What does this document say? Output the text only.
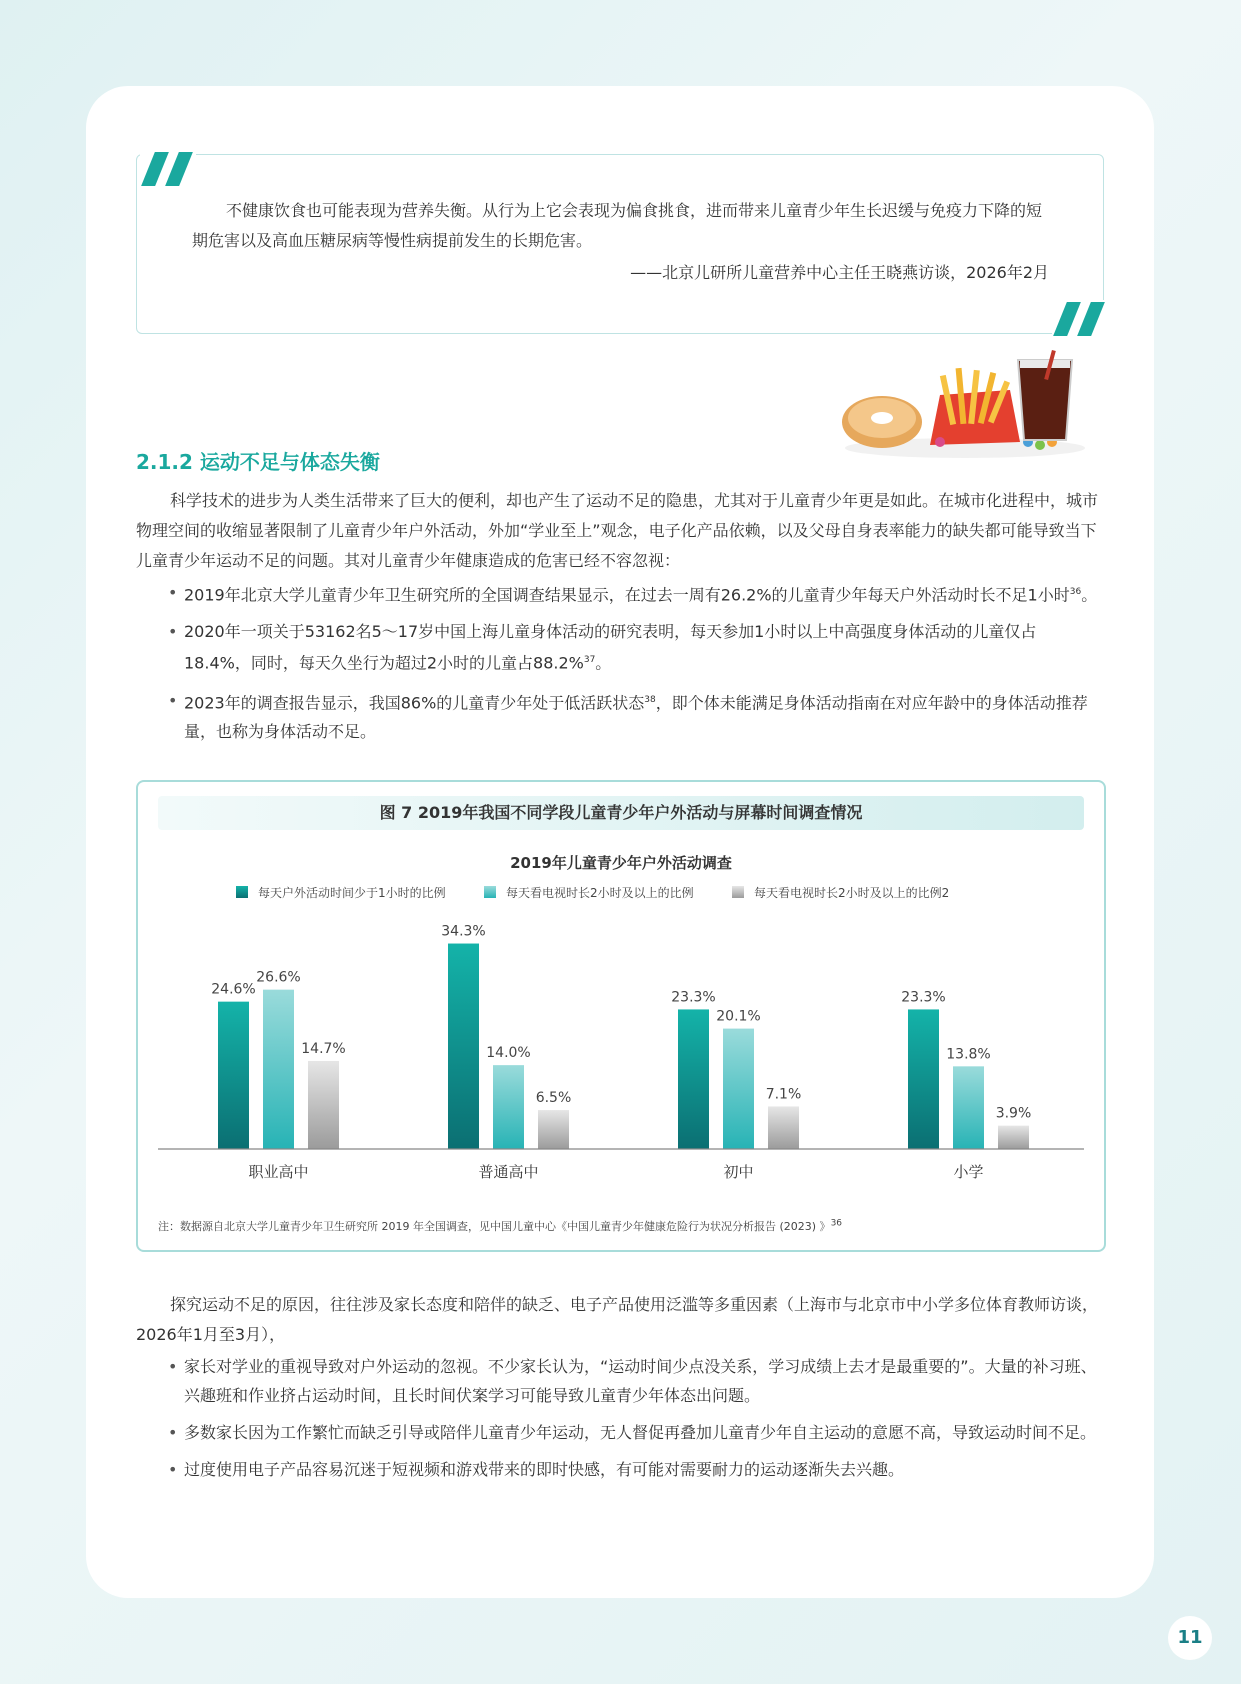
不健康饮食也可能表现为营养失衡。从行为上它会表现为偏食挑食，进而带来儿童青少年生长迟缓与免疫力下降的短期危害以及高血压糖尿病等慢性病提前发生的长期危害。

——北京儿研所儿童营养中心主任王晓燕访谈，2026年2月
2.1.2 运动不足与体态失衡

科学技术的进步为人类生活带来了巨大的便利，却也产生了运动不足的隐患，尤其对于儿童青少年更是如此。在城市化进程中，城市物理空间的收缩显著限制了儿童青少年户外活动，外加“学业至上”观念，电子化产品依赖，以及父母自身表率能力的缺失都可能导致当下儿童青少年运动不足的问题。其对儿童青少年健康造成的危害已经不容忽视：

• 2019年北京大学儿童青少年卫生研究所的全国调查结果显示，在过去一周有26.2%的儿童青少年每天户外活动时长不足1小时$^{36}$。
• 2020年一项关于53162名5～17岁中国上海儿童身体活动的研究表明，每天参加1小时以上中高强度身体活动的儿童仅占18.4%，同时，每天久坐行为超过2小时的儿童占88.2%$^{37}$。
• 2023年的调查报告显示，我国86%的儿童青少年处于低活跃状态$^{38}$，即个体未能满足身体活动指南在对应年龄中的身体活动推荐量，也称为身体活动不足。
图 7 2019年我国不同学段儿童青少年户外活动与屏幕时间调查情况
2019年儿童青少年户外活动调查
每天户外活动时间少于1小时的比例	每天看电视时长2小时及以上的比例	每天看电视时长2小时及以上的比例2
24.6%
26.6%
14.7%
34.3%
14.0%
6.5%
23.3%
20.1%
7.1%
23.3%
13.8%
3.9%
职业高中	普通高中	初中	小学
注：数据源自北京大学儿童青少年卫生研究所 2019 年全国调查，见中国儿童中心《中国儿童青少年健康危险行为状况分析报告 (2023) 》$^{36}$

探究运动不足的原因，往往涉及家长态度和陪伴的缺乏、电子产品使用泛滥等多重因素（上海市与北京市中小学多位体育教师访谈，2026年1月至3月），

• 家长对学业的重视导致对户外运动的忽视。不少家长认为，“运动时间少点没关系，学习成绩上去才是最重要的”。大量的补习班、兴趣班和作业挤占运动时间，且长时间伏案学习可能导致儿童青少年体态出问题。
• 多数家长因为工作繁忙而缺乏引导或陪伴儿童青少年运动，无人督促再叠加儿童青少年自主运动的意愿不高，导致运动时间不足。
• 过度使用电子产品容易沉迷于短视频和游戏带来的即时快感，有可能对需要耐力的运动逐渐失去兴趣。
11
